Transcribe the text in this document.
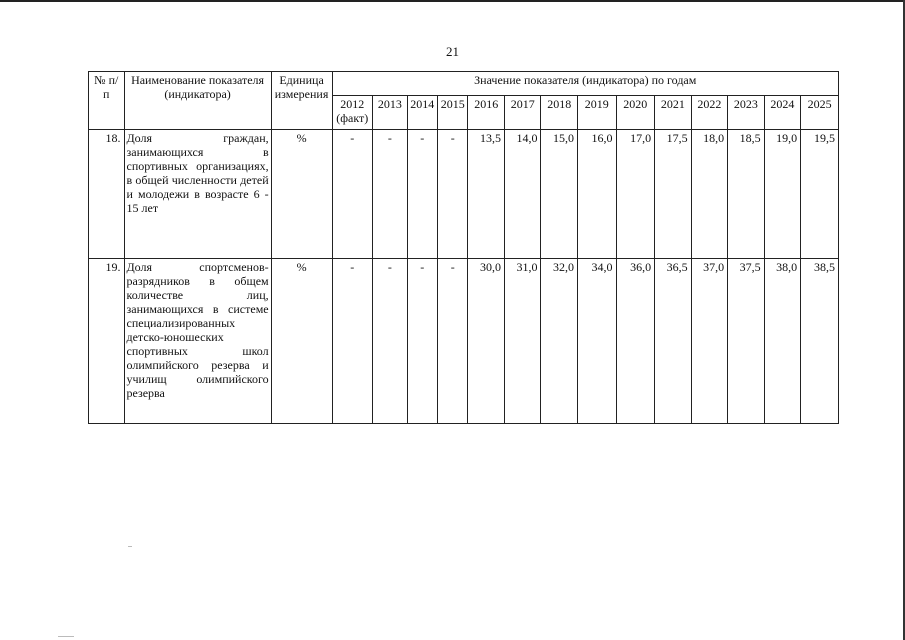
21
№ п/п	Наименование показателя (индикатора)	Единица измерения	Значение показателя (индикатора) по годам													
			2012 (факт)	2013	2014	2015	2016	2017	2018	2019	2020	2021	2022	2023	2024	2025
18.	Доля граждан, занимающихся в спортивных организациях, в общей численности детей и молодежи в возрасте 6 - 15 лет	%	-	-	-	-	13,5	14,0	15,0	16,0	17,0	17,5	18,0	18,5	19,0	19,5
19.	Доля спортсменов-разрядников в общем количестве лиц, занимающихся в системе специализированных детско-юношеских спортивных школ олимпийского резерва и училищ олимпийского резерва	%	-	-	-	-	30,0	31,0	32,0	34,0	36,0	36,5	37,0	37,5	38,0	38,5
